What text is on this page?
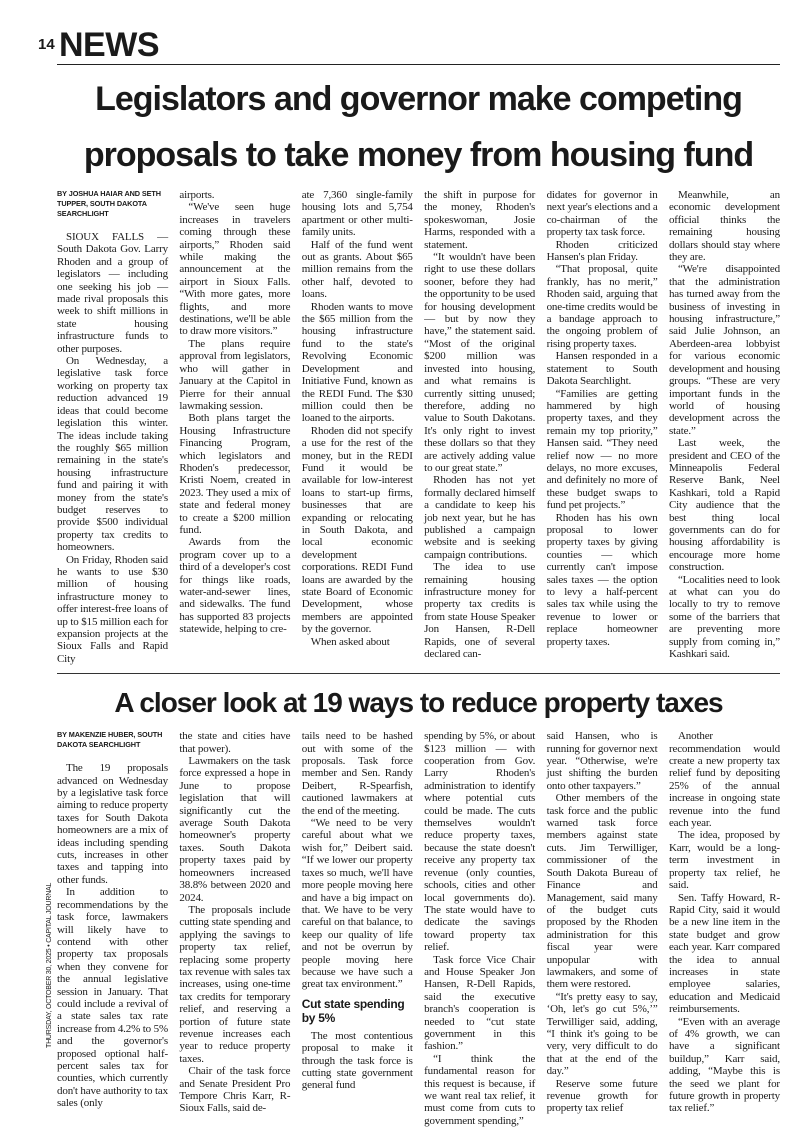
14 NEWS
Legislators and governor make competing
proposals to take money from housing fund
BY JOSHUA HAIAR AND SETH TUPPER, SOUTH DAKOTA SEARCHLIGHT

SIOUX FALLS — South Dakota Gov. Larry Rhoden and a group of legislators — including one seeking his job — made rival proposals this week to shift millions in state housing infrastructure funds to other purposes.

On Wednesday, a legislative task force working on property tax reduction advanced 19 ideas that could become legislation this winter. The ideas include taking the roughly $65 million remaining in the state's housing infrastructure fund and pairing it with money from the state's budget reserves to provide $500 individual property tax credits to homeowners.

On Friday, Rhoden said he wants to use $30 million of housing infrastructure money to offer interest-free loans of up to $15 million each for expansion projects at the Sioux Falls and Rapid City

airports.

“We've seen huge increases in travelers coming through these airports,” Rhoden said while making the announcement at the airport in Sioux Falls. “With more gates, more flights, and more destinations, we'll be able to draw more visitors.”

The plans require approval from legislators, who will gather in January at the Capitol in Pierre for their annual lawmaking session.

Both plans target the Housing Infrastructure Financing Program, which legislators and Rhoden's predecessor, Kristi Noem, created in 2023. They used a mix of state and federal money to create a $200 million fund.

Awards from the program cover up to a third of a developer's cost for things like roads, water-and-sewer lines, and sidewalks. The fund has supported 83 projects statewide, helping to cre-

ate 7,360 single-family housing lots and 5,754 apartment or other multi-family units.

Half of the fund went out as grants. About $65 million remains from the other half, devoted to loans.

Rhoden wants to move the $65 million from the housing infrastructure fund to the state's Revolving Economic Development and Initiative Fund, known as the REDI Fund. The $30 million could then be loaned to the airports.

Rhoden did not specify a use for the rest of the money, but in the REDI Fund it would be available for low-interest loans to start-up firms, businesses that are expanding or relocating in South Dakota, and local economic development corporations. REDI Fund loans are awarded by the state Board of Economic Development, whose members are appointed by the governor.

When asked about

the shift in purpose for the money, Rhoden's spokeswoman, Josie Harms, responded with a statement.

“It wouldn't have been right to use these dollars sooner, before they had the opportunity to be used for housing development — but by now they have,” the statement said. “Most of the original $200 million was invested into housing, and what remains is currently sitting unused; therefore, adding no value to South Dakotans. It's only right to invest these dollars so that they are actively adding value to our great state.”

Rhoden has not yet formally declared himself a candidate to keep his job next year, but he has published a campaign website and is seeking campaign contributions.

The idea to use remaining housing infrastructure money for property tax credits is from state House Speaker Jon Hansen, R-Dell Rapids, one of several declared can-

didates for governor in next year's elections and a co-chairman of the property tax task force.

Rhoden criticized Hansen's plan Friday.

“That proposal, quite frankly, has no merit,” Rhoden said, arguing that one-time credits would be a bandage approach to the ongoing problem of rising property taxes.

Hansen responded in a statement to South Dakota Searchlight.

“Families are getting hammered by high property taxes, and they remain my top priority,” Hansen said. “They need relief now — no more delays, no more excuses, and definitely no more of these budget swaps to fund pet projects.”

Rhoden has his own proposal to lower property taxes by giving counties — which currently can't impose sales taxes — the option to levy a half-percent sales tax while using the revenue to lower or replace homeowner property taxes.

Meanwhile, an economic development official thinks the remaining housing dollars should stay where they are.

“We're disappointed that the administration has turned away from the business of investing in housing infrastructure,” said Julie Johnson, an Aberdeen-area lobbyist for various economic development and housing groups. “These are very important funds in the world of housing development across the state.”

Last week, the president and CEO of the Minneapolis Federal Reserve Bank, Neel Kashkari, told a Rapid City audience that the best thing local governments can do for housing affordability is encourage more home construction.

“Localities need to look at what can you do locally to try to remove some of the barriers that are preventing more supply from coming in,” Kashkari said.

A closer look at 19 ways to reduce property taxes
BY MAKENZIE HUBER, SOUTH DAKOTA SEARCHLIGHT

The 19 proposals advanced on Wednesday by a legislative task force aiming to reduce property taxes for South Dakota homeowners are a mix of ideas including spending cuts, increases in other taxes and tapping into other funds.

In addition to recommendations by the task force, lawmakers will likely have to contend with other property tax proposals when they convene for the annual legislative session in January. That could include a revival of a state sales tax rate increase from 4.2% to 5% and the governor's proposed optional half-percent sales tax for counties, which currently don't have authority to tax sales (only

the state and cities have that power).

Lawmakers on the task force expressed a hope in June to propose legislation that will significantly cut the average South Dakota homeowner's property taxes. South Dakota property taxes paid by homeowners increased 38.8% between 2020 and 2024.

The proposals include cutting state spending and applying the savings to property tax relief, replacing some property tax revenue with sales tax increases, using one-time tax credits for temporary relief, and reserving a portion of future state revenue increases each year to reduce property taxes.

Chair of the task force and Senate President Pro Tempore Chris Karr, R-Sioux Falls, said de-

tails need to be hashed out with some of the proposals. Task force member and Sen. Randy Deibert, R-Spearfish, cautioned lawmakers at the end of the meeting.

“We need to be very careful about what we wish for,” Deibert said. “If we lower our property taxes so much, we'll have more people moving here and have a big impact on that. We have to be very careful on that balance, to keep our quality of life and not be overrun by people moving here because we have such a great tax environment.”

Cut state spending by 5%

The most contentious proposal to make it through the task force is cutting state government general fund

spending by 5%, or about $123 million — with cooperation from Gov. Larry Rhoden's administration to identify where potential cuts could be made. The cuts themselves wouldn't reduce property taxes, because the state doesn't receive any property tax revenue (only counties, schools, cities and other local governments do). The state would have to dedicate the savings toward property tax relief.

Task force Vice Chair and House Speaker Jon Hansen, R-Dell Rapids, said the executive branch's cooperation is needed to “cut state government in this fashion.”

“I think the fundamental reason for this request is because, if we want real tax relief, it must come from cuts to government spending,”

said Hansen, who is running for governor next year. “Otherwise, we're just shifting the burden onto other taxpayers.”

Other members of the task force and the public warned task force members against state cuts. Jim Terwilliger, commissioner of the South Dakota Bureau of Finance and Management, said many of the budget cuts proposed by the Rhoden administration for this fiscal year were unpopular with lawmakers, and some of them were restored.

“It's pretty easy to say, ‘Oh, let's go cut 5%,’” Terwilliger said, adding, “I think it's going to be very, very difficult to do that at the end of the day.”

Reserve some future revenue growth for property tax relief

Another recommendation would create a new property tax relief fund by depositing 25% of the annual increase in ongoing state revenue into the fund each year.

The idea, proposed by Karr, would be a long-term investment in property tax relief, he said.

Sen. Taffy Howard, R-Rapid City, said it would be a new line item in the state budget and grow each year. Karr compared the idea to annual increases in state employee salaries, education and Medicaid reimbursements.

“Even with an average of 4% growth, we can have a significant buildup,” Karr said, adding, “Maybe this is the seed we plant for future growth in property tax relief.”

THURSDAY, OCTOBER 30, 2025 • CAPITAL JOURNAL
